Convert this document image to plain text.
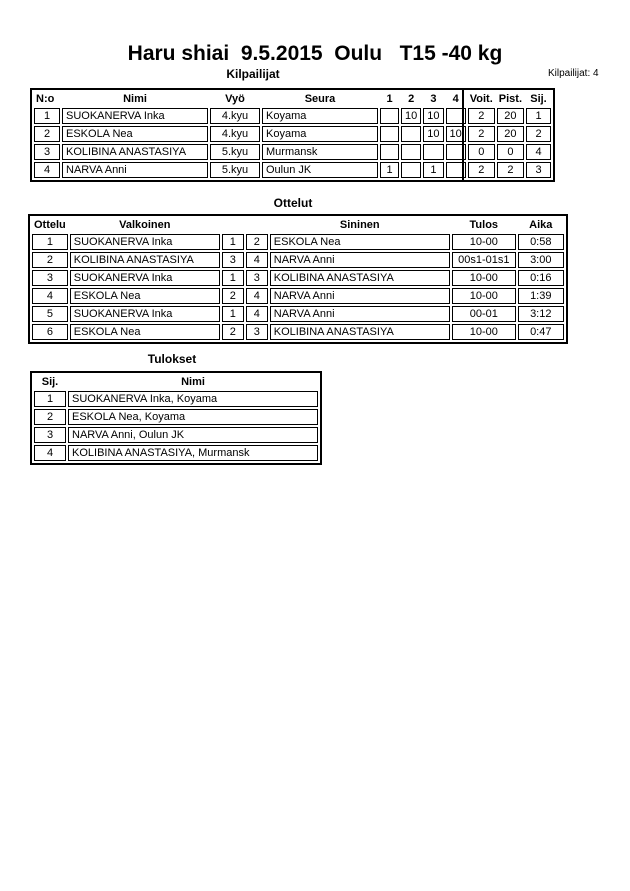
Haru shiai  9.5.2015  Oulu   T15 -40 kg
Kilpailijat	Kilpailijat: 4
N:o	Nimi	Vyö	Seura	1	2	3	4	Voit.	Pist.	Sij.
1	SUOKANERVA Inka	4.kyu	Koyama		10	10		2	20	1
2	ESKOLA Nea	4.kyu	Koyama			10	10	2	20	2
3	KOLIBINA ANASTASIYA	5.kyu	Murmansk					0	0	4
4	NARVA Anni	5.kyu	Oulun JK	1		1		2	2	3
Ottelut
Ottelu	Valkoinen			Sininen	Tulos	Aika
1	SUOKANERVA Inka	1	2	ESKOLA Nea	10-00	0:58
2	KOLIBINA ANASTASIYA	3	4	NARVA Anni	00s1-01s1	3:00
3	SUOKANERVA Inka	1	3	KOLIBINA ANASTASIYA	10-00	0:16
4	ESKOLA Nea	2	4	NARVA Anni	10-00	1:39
5	SUOKANERVA Inka	1	4	NARVA Anni	00-01	3:12
6	ESKOLA Nea	2	3	KOLIBINA ANASTASIYA	10-00	0:47
Tulokset
Sij.	Nimi
1	SUOKANERVA Inka, Koyama
2	ESKOLA Nea, Koyama
3	NARVA Anni, Oulun JK
4	KOLIBINA ANASTASIYA, Murmansk
